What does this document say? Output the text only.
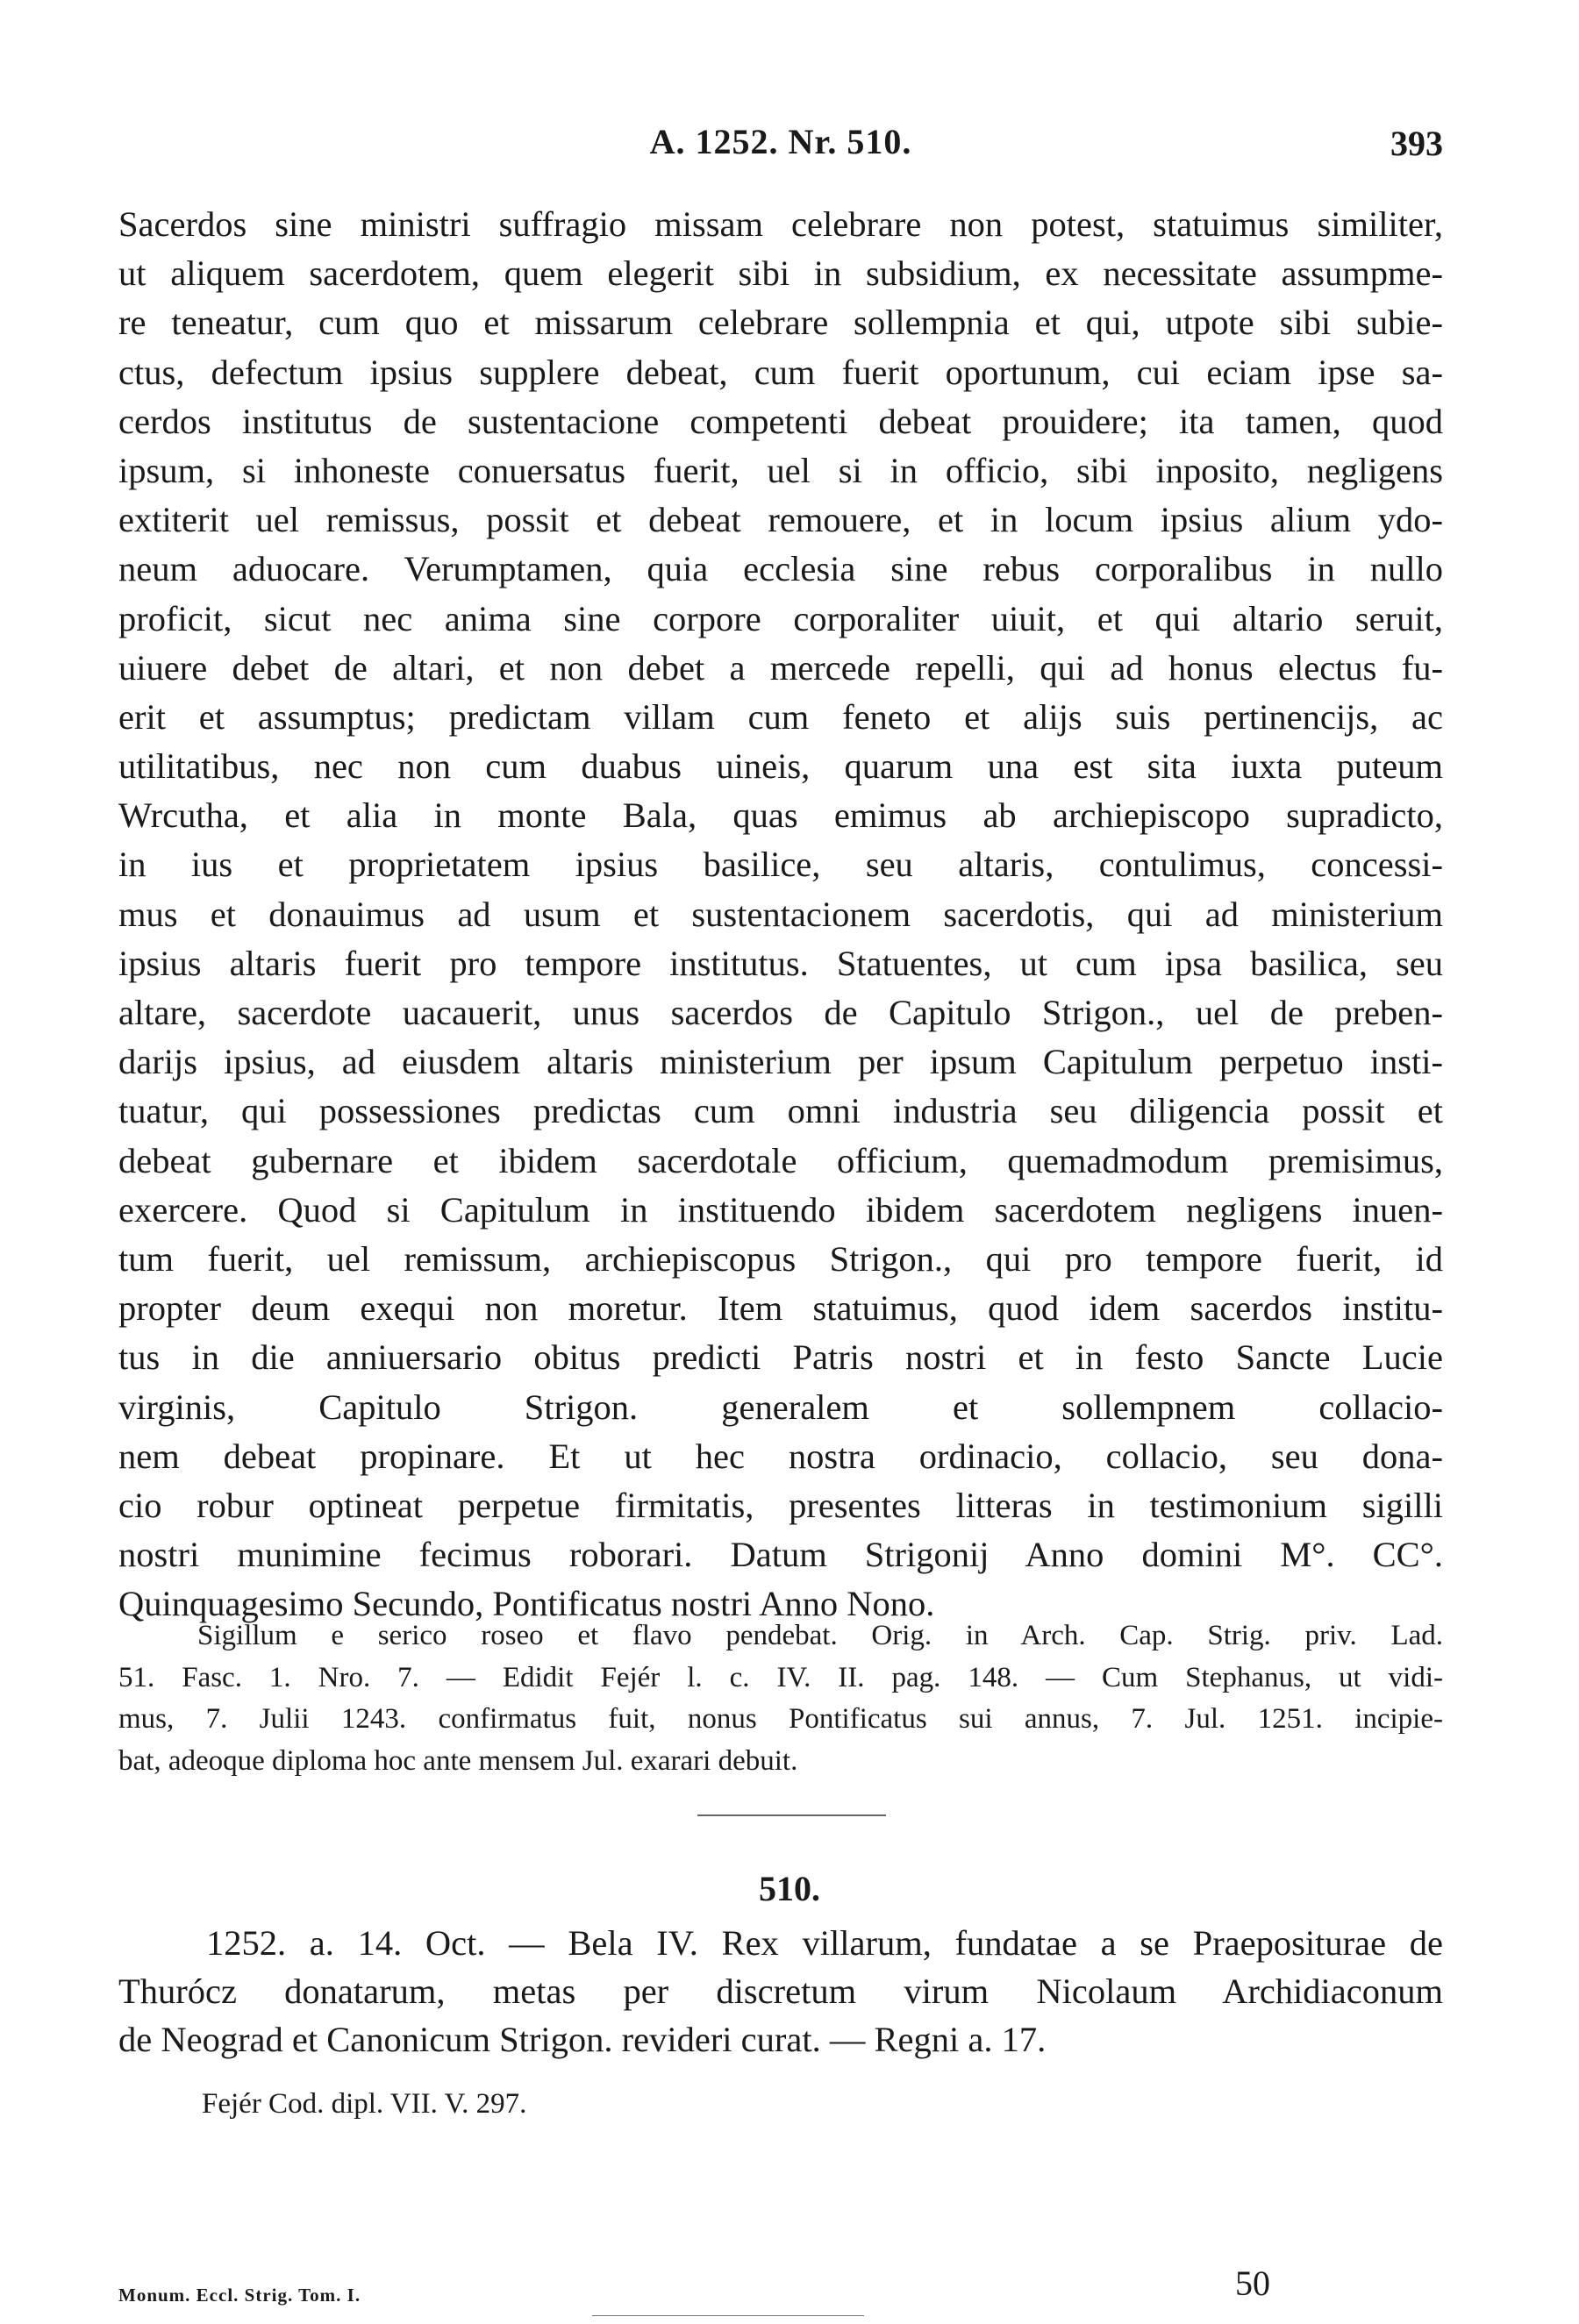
A. 1252. Nr. 510.	393
Sacerdos sine ministri suffragio missam celebrare non potest, statuimus similiter,
ut aliquem sacerdotem, quem elegerit sibi in subsidium, ex necessitate assumpme-
re teneatur, cum quo et missarum celebrare sollempnia et qui, utpote sibi subie-
ctus, defectum ipsius supplere debeat, cum fuerit oportunum, cui eciam ipse sa-
cerdos institutus de sustentacione competenti debeat prouidere; ita tamen, quod
ipsum, si inhoneste conuersatus fuerit, uel si in officio, sibi inposito, negligens
extiterit uel remissus, possit et debeat remouere, et in locum ipsius alium ydo-
neum aduocare. Verumptamen, quia ecclesia sine rebus corporalibus in nullo
proficit, sicut nec anima sine corpore corporaliter uiuit, et qui altario seruit,
uiuere debet de altari, et non debet a mercede repelli, qui ad honus electus fu-
erit et assumptus; predictam villam cum feneto et alijs suis pertinencijs, ac
utilitatibus, nec non cum duabus uineis, quarum una est sita iuxta puteum
Wrcutha, et alia in monte Bala, quas emimus ab archiepiscopo supradicto,
in ius et proprietatem ipsius basilice, seu altaris, contulimus, concessi-
mus et donauimus ad usum et sustentacionem sacerdotis, qui ad ministerium
ipsius altaris fuerit pro tempore institutus. Statuentes, ut cum ipsa basilica, seu
altare, sacerdote uacauerit, unus sacerdos de Capitulo Strigon., uel de preben-
darijs ipsius, ad eiusdem altaris ministerium per ipsum Capitulum perpetuo insti-
tuatur, qui possessiones predictas cum omni industria seu diligencia possit et
debeat gubernare et ibidem sacerdotale officium, quemadmodum premisimus,
exercere. Quod si Capitulum in instituendo ibidem sacerdotem negligens inuen-
tum fuerit, uel remissum, archiepiscopus Strigon., qui pro tempore fuerit, id
propter deum exequi non moretur. Item statuimus, quod idem sacerdos institu-
tus in die anniuersario obitus predicti Patris nostri et in festo Sancte Lucie
virginis, Capitulo Strigon. generalem et sollempnem collacio-
nem debeat propinare. Et ut hec nostra ordinacio, collacio, seu dona-
cio robur optineat perpetue firmitatis, presentes litteras in testimonium sigilli
nostri munimine fecimus roborari. Datum Strigonij Anno domini M°. CC°.
Quinquagesimo Secundo, Pontificatus nostri Anno Nono.
Sigillum e serico roseo et flavo pendebat. Orig. in Arch. Cap. Strig. priv. Lad.
51. Fasc. 1. Nro. 7. — Edidit Fejér l. c. IV. II. pag. 148. — Cum Stephanus, ut vidi-
mus, 7. Julii 1243. confirmatus fuit, nonus Pontificatus sui annus, 7. Jul. 1251. incipie-
bat, adeoque diploma hoc ante mensem Jul. exarari debuit.
510.
1252. a. 14. Oct. — Bela IV. Rex villarum, fundatae a se Praepositurae de
Thurócz donatarum, metas per discretum virum Nicolaum Archidiaconum
de Neograd et Canonicum Strigon. revideri curat. — Regni a. 17.
Fejér Cod. dipl. VII. V. 297.
Monum. Eccl. Strig. Tom. I.	50
